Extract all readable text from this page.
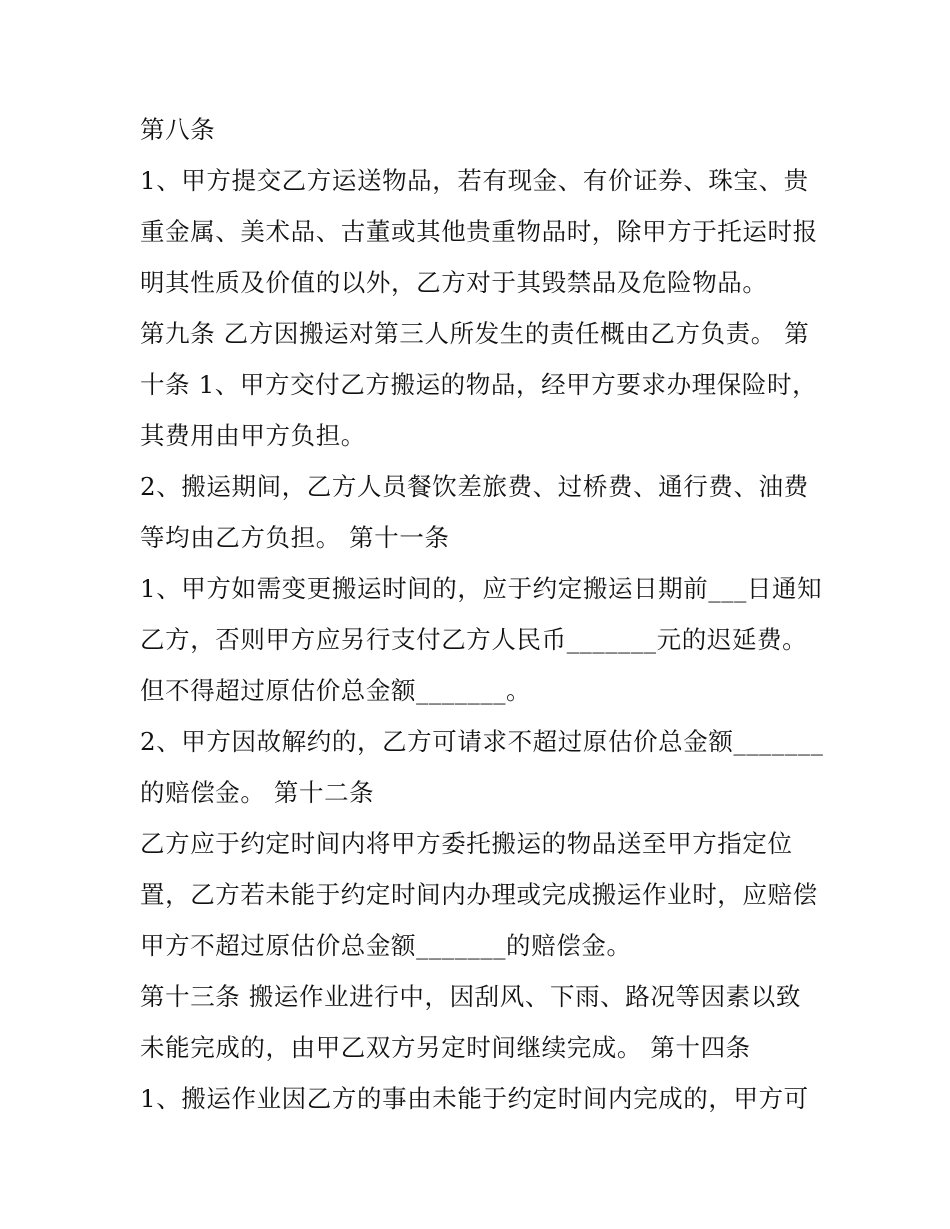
第八条
1、甲方提交乙方运送物品，若有现金、有价证券、珠宝、贵
重金属、美术品、古董或其他贵重物品时，除甲方于托运时报
明其性质及价值的以外，乙方对于其毁禁品及危险物品。
第九条 乙方因搬运对第三人所发生的责任概由乙方负责。 第
十条 1、甲方交付乙方搬运的物品，经甲方要求办理保险时，
其费用由甲方负担。
2、搬运期间，乙方人员餐饮差旅费、过桥费、通行费、油费
等均由乙方负担。 第十一条
1、甲方如需变更搬运时间的，应于约定搬运日期前___日通知
乙方，否则甲方应另行支付乙方人民币_______元的迟延费。
但不得超过原估价总金额_______。
2、甲方因故解约的，乙方可请求不超过原估价总金额_______
的赔偿金。 第十二条
乙方应于约定时间内将甲方委托搬运的物品送至甲方指定位
置，乙方若未能于约定时间内办理或完成搬运作业时，应赔偿
甲方不超过原估价总金额_______的赔偿金。
第十三条 搬运作业进行中，因刮风、下雨、路况等因素以致
未能完成的，由甲乙双方另定时间继续完成。 第十四条
1、搬运作业因乙方的事由未能于约定时间内完成的，甲方可
